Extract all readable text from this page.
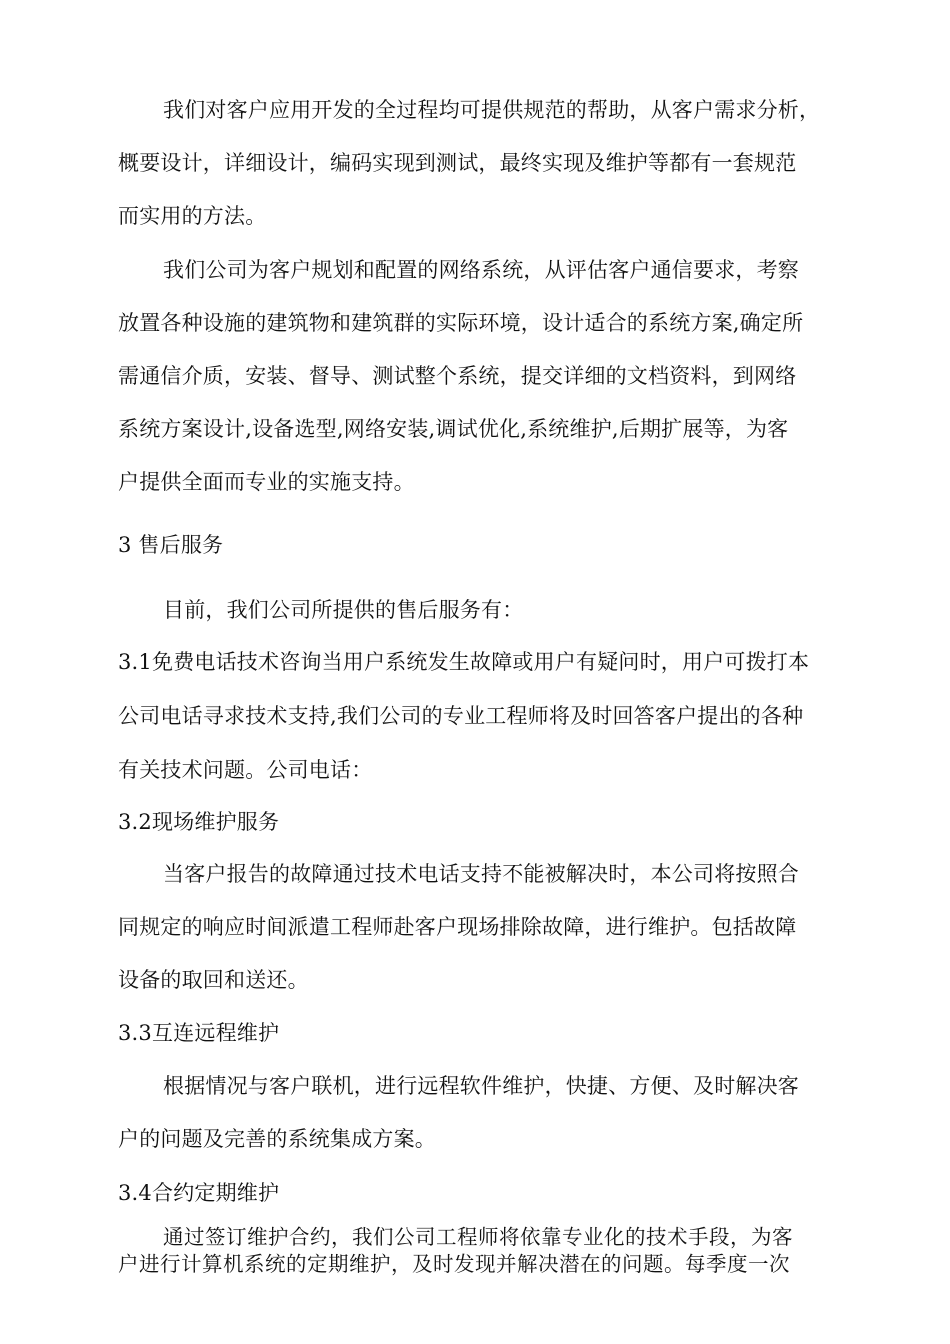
我们对客户应用开发的全过程均可提供规范的帮助，从客户需求分析，
概要设计，详细设计，编码实现到测试，最终实现及维护等都有一套规范
而实用的方法。
我们公司为客户规划和配置的网络系统，从评估客户通信要求，考察
放置各种设施的建筑物和建筑群的实际环境，设计适合的系统方案,确定所
需通信介质，安装、督导、测试整个系统，提交详细的文档资料，到网络
系统方案设计,设备选型,网络安装,调试优化,系统维护,后期扩展等，为客
户提供全面而专业的实施支持。
3 售后服务
目前，我们公司所提供的售后服务有：
3.1免费电话技术咨询当用户系统发生故障或用户有疑问时，用户可拨打本
公司电话寻求技术支持,我们公司的专业工程师将及时回答客户提出的各种
有关技术问题。公司电话：
3.2现场维护服务
当客户报告的故障通过技术电话支持不能被解决时，本公司将按照合
同规定的响应时间派遣工程师赴客户现场排除故障，进行维护。包括故障
设备的取回和送还。
3.3互连远程维护
根据情况与客户联机，进行远程软件维护，快捷、方便、及时解决客
户的问题及完善的系统集成方案。
3.4合约定期维护
通过签订维护合约，我们公司工程师将依靠专业化的技术手段，为客
户进行计算机系统的定期维护，及时发现并解决潜在的问题。每季度一次
